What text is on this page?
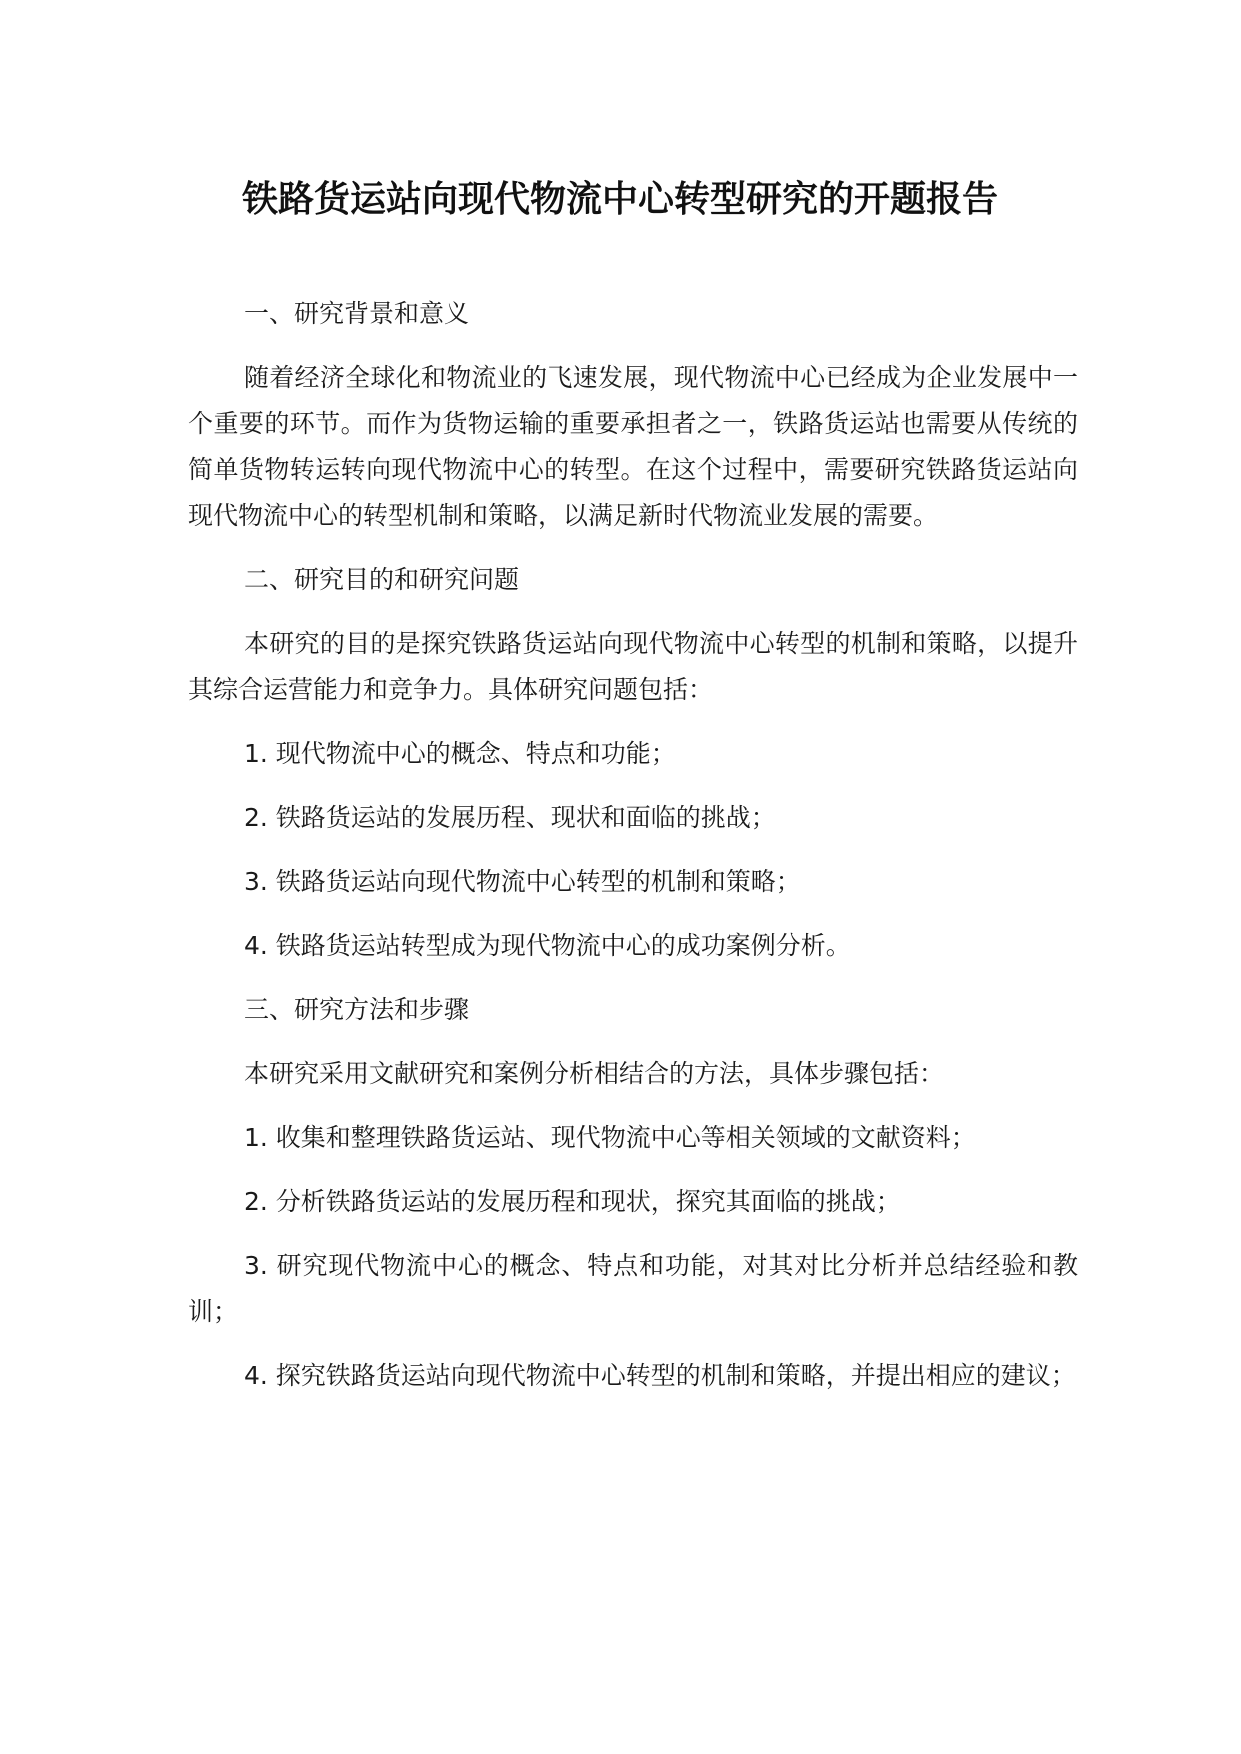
铁路货运站向现代物流中心转型研究的开题报告

一、研究背景和意义

随着经济全球化和物流业的飞速发展，现代物流中心已经成为企业发展中一个重要的环节。而作为货物运输的重要承担者之一，铁路货运站也需要从传统的简单货物转运转向现代物流中心的转型。在这个过程中，需要研究铁路货运站向现代物流中心的转型机制和策略，以满足新时代物流业发展的需要。

二、研究目的和研究问题

本研究的目的是探究铁路货运站向现代物流中心转型的机制和策略，以提升其综合运营能力和竞争力。具体研究问题包括：

1. 现代物流中心的概念、特点和功能；

2. 铁路货运站的发展历程、现状和面临的挑战；

3. 铁路货运站向现代物流中心转型的机制和策略；

4. 铁路货运站转型成为现代物流中心的成功案例分析。

三、研究方法和步骤

本研究采用文献研究和案例分析相结合的方法，具体步骤包括：

1. 收集和整理铁路货运站、现代物流中心等相关领域的文献资料；

2. 分析铁路货运站的发展历程和现状，探究其面临的挑战；

3. 研究现代物流中心的概念、特点和功能，对其对比分析并总结经验和教训；

4. 探究铁路货运站向现代物流中心转型的机制和策略，并提出相应的建议；
